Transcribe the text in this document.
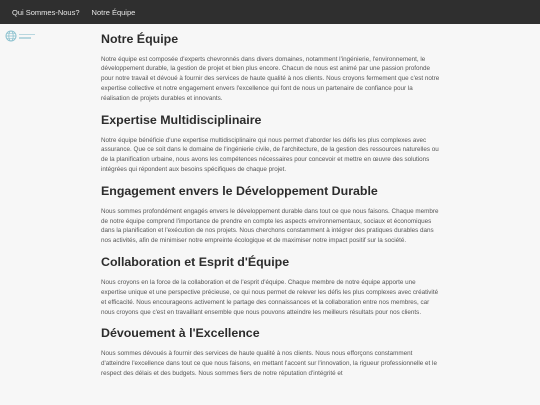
Qui Sommes-Nous? Notre Équipe
Notre Équipe

Notre équipe est composée d'experts chevronnés dans divers domaines, notamment l'ingénierie, l'environnement, le développement durable, la gestion de projet et bien plus encore. Chacun de nous est animé par une passion profonde pour notre travail et dévoué à fournir des services de haute qualité à nos clients. Nous croyons fermement que c'est notre expertise collective et notre engagement envers l'excellence qui font de nous un partenaire de confiance pour la réalisation de projets durables et innovants.

Expertise Multidisciplinaire

Notre équipe bénéficie d'une expertise multidisciplinaire qui nous permet d'aborder les défis les plus complexes avec assurance. Que ce soit dans le domaine de l'ingénierie civile, de l'architecture, de la gestion des ressources naturelles ou de la planification urbaine, nous avons les compétences nécessaires pour concevoir et mettre en œuvre des solutions intégrées qui répondent aux besoins spécifiques de chaque projet.

Engagement envers le Développement Durable

Nous sommes profondément engagés envers le développement durable dans tout ce que nous faisons. Chaque membre de notre équipe comprend l'importance de prendre en compte les aspects environnementaux, sociaux et économiques dans la planification et l'exécution de nos projets. Nous cherchons constamment à intégrer des pratiques durables dans nos activités, afin de minimiser notre empreinte écologique et de maximiser notre impact positif sur la société.

Collaboration et Esprit d'Équipe

Nous croyons en la force de la collaboration et de l'esprit d'équipe. Chaque membre de notre équipe apporte une expertise unique et une perspective précieuse, ce qui nous permet de relever les défis les plus complexes avec créativité et efficacité. Nous encourageons activement le partage des connaissances et la collaboration entre nos membres, car nous croyons que c'est en travaillant ensemble que nous pouvons atteindre les meilleurs résultats pour nos clients.

Dévouement à l'Excellence

Nous sommes dévoués à fournir des services de haute qualité à nos clients. Nous nous efforçons constamment d'atteindre l'excellence dans tout ce que nous faisons, en mettant l'accent sur l'innovation, la rigueur professionnelle et le respect des délais et des budgets. Nous sommes fiers de notre réputation d'intégrité et
